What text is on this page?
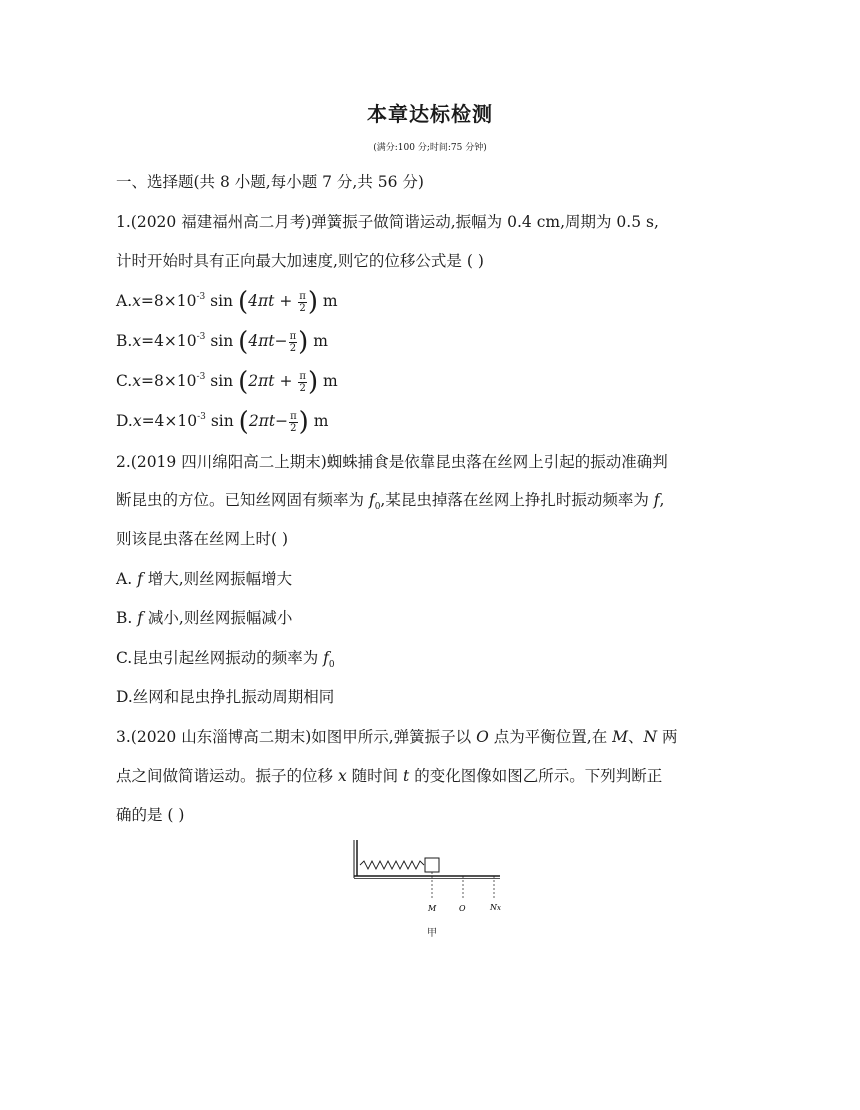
本章达标检测
(满分:100 分;时间:75 分钟)
一、选择题(共 8 小题,每小题 7 分,共 56 分)
1.(2020 福建福州高二月考)弹簧振子做简谐运动,振幅为 0.4 cm,周期为 0.5 s,
计时开始时具有正向最大加速度,则它的位移公式是 ( )
$A.x=8\times 10^{-3}$ $\sin (4\pi t + \frac{\pi}{2}$ ) m
$B.x=4\times 10^{-3}$ $\sin (4\pi t- \frac{\pi}{2}$ ) m
$C.x=8\times 10^{-3}$ $\sin (2\pi t + \frac{\pi}{2}$ ) m
$D.x=4\times 10^{-3}$ $\sin (2\pi t- \frac{\pi}{2}$ ) m
2.(2019 四川绵阳高二上期末)蜘蛛捕食是依靠昆虫落在丝网上引起的振动准确判
断昆虫的方位。已知丝网固有频率为 $f_0$,某昆虫掉落在丝网上挣扎时振动频率为 f,
则该昆虫落在丝网上时( )
A. f 增大,则丝网振幅增大
B. f 减小,则丝网振幅减小
C.昆虫引起丝网振动的频率为 $f_0$
D.丝网和昆虫挣扎振动周期相同
3.(2020 山东淄博高二期末)如图甲所示,弹簧振子以 O 点为平衡位置,在 M、N 两
点之间做简谐运动。振子的位移 x 随时间 t 的变化图像如图乙所示。下列判断正
确的是 ( )
M	O	N x
甲
